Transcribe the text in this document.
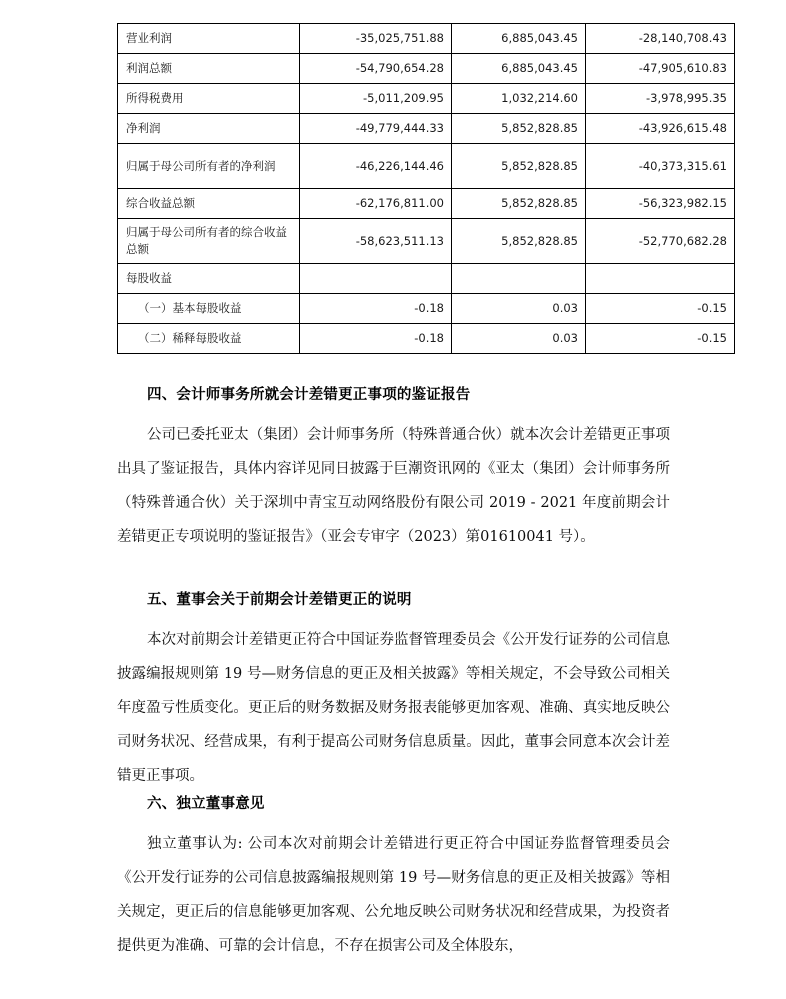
营业利润	-35,025,751.88	6,885,043.45	-28,140,708.43
利润总额	-54,790,654.28	6,885,043.45	-47,905,610.83
所得税费用	-5,011,209.95	1,032,214.60	-3,978,995.35
净利润	-49,779,444.33	5,852,828.85	-43,926,615.48
归属于母公司所有者的净利润	-46,226,144.46	5,852,828.85	-40,373,315.61
综合收益总额	-62,176,811.00	5,852,828.85	-56,323,982.15
归属于母公司所有者的综合收益总额	-58,623,511.13	5,852,828.85	-52,770,682.28
每股收益			
（一）基本每股收益	-0.18	0.03	-0.15
（二）稀释每股收益	-0.18	0.03	-0.15
四、会计师事务所就会计差错更正事项的鉴证报告
公司已委托亚太（集团）会计师事务所（特殊普通合伙）就本次会计差错更正事项出具了鉴证报告，具体内容详见同日披露于巨潮资讯网的《亚太（集团）会计师事务所（特殊普通合伙）关于深圳中青宝互动网络股份有限公司 2019 - 2021 年度前期会计差错更正专项说明的鉴证报告》（亚会专审字（2023）第01610041 号）。
五、董事会关于前期会计差错更正的说明
本次对前期会计差错更正符合中国证券监督管理委员会《公开发行证券的公司信息披露编报规则第 19 号—财务信息的更正及相关披露》等相关规定，不会导致公司相关年度盈亏性质变化。更正后的财务数据及财务报表能够更加客观、准确、真实地反映公司财务状况、经营成果，有利于提高公司财务信息质量。因此，董事会同意本次会计差错更正事项。
六、独立董事意见
独立董事认为: 公司本次对前期会计差错进行更正符合中国证券监督管理委员会《公开发行证券的公司信息披露编报规则第 19 号—财务信息的更正及相关披露》等相关规定，更正后的信息能够更加客观、公允地反映公司财务状况和经营成果，为投资者提供更为准确、可靠的会计信息，不存在损害公司及全体股东，
